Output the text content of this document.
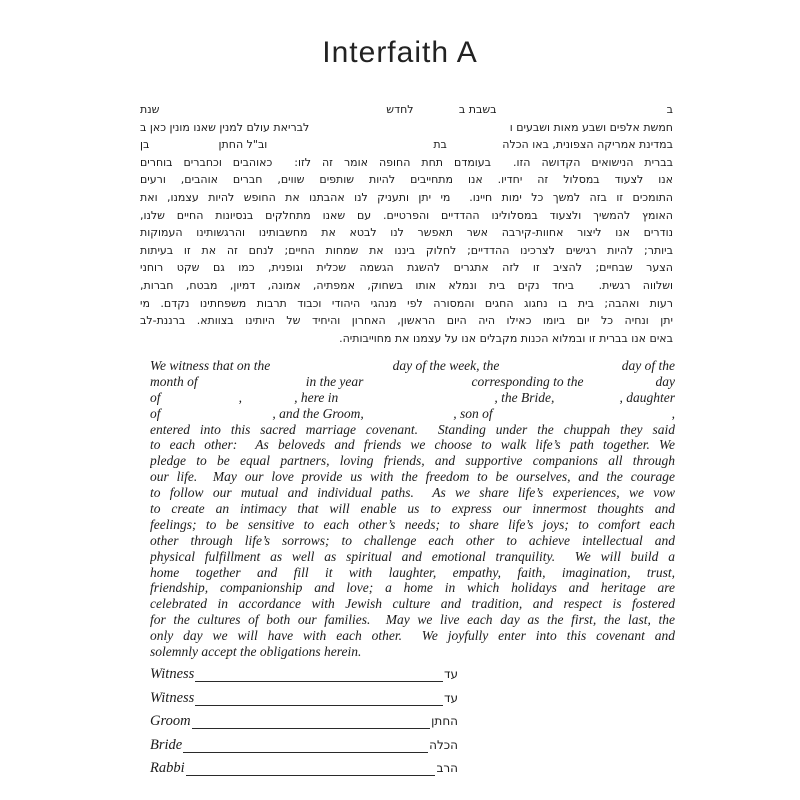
Interfaith A
ב
בשבת ב
לחדש
שנת
חמשת אלפים ושבע מאות ושבעים ו
לבריאת עולם למנין שאנו מונין כאן ב
במדינת אמריקה הצפונית, באו הכלה
בת
וב"ל החתן
בן
בברית הנישואים הקדושה הזו.  בעומדם תחת החופה אומר זה לזו:  כאוהבים וכחברים בוחרים
אנו לצעוד במסלול זה יחדיו. אנו מתחייבים להיות שותפים שווים, חברים אוהבים, ורעים
התומכים זו בזה למשך כל ימות חיינו.  מי יתן ותעניק לנו אהבתנו את החופש להיות עצמנו, ואת
האומץ להמשיך ולצעוד במסלולינו ההדדיים והפרטיים. עם שאנו מתחלקים בנסיונות החיים שלנו,
נודרים אנו ליצור אחוות-קירבה אשר תאפשר לנו לבטא את מחשבותינו והרגשותינו העמוקות
ביותר; להיות רגישים לצרכינו ההדדיים; לחלוק ביננו את שמחות החיים; לנחם זה את זו בעיתות
הצער שבחיים; להציב זו לזה אתגרים להשגת הגשמה שכלית וגופנית, כמו גם שקט רוחני
ושלווה רגשית.  ביחד נקים בית ונמלא אותו בשחוק, אמפתיה, אמונה, דמיון, מבטח, חברות,
רעות ואהבה; בית בו נחגוג החגים והמסורה לפי מנהגי היהודי וכבוד תרבות משפחתינו נקדם. מי
יתן ונחיה כל יום ביומו כאילו היה היום הראשון, האחרון והיחיד של היותינו בצוותא. ברננת-לב
באים אנו בברית זו ובמלוא הכנות מקבלים אנו על עצמנו את מחוייבותיה.
We witness that on the	day of the week, the	day of the
month of	in the year	corresponding to the	day
of	,	, here in	, the Bride,	, daughter
of	, and the Groom,	, son of	,
entered into this sacred marriage covenant.  Standing under the chuppah they said
to each other:  As beloveds and friends we choose to walk life’s path together. We
pledge to be equal partners, loving friends, and supportive companions all through
our life.  May our love provide us with the freedom to be ourselves, and the courage
to follow our mutual and individual paths.  As we share life’s experiences, we vow
to create an intimacy that will enable us to express our innermost thoughts and
feelings; to be sensitive to each other’s needs; to share life’s joys; to comfort each
other through life’s sorrows; to challenge each other to achieve intellectual and
physical fulfillment as well as spiritual and emotional tranquility.  We will build a
home together and fill it with laughter, empathy, faith, imagination, trust,
friendship, companionship and love; a home in which holidays and heritage are
celebrated in accordance with Jewish culture and tradition, and respect is fostered
for the cultures of both our families.  May we live each day as the first, the last, the
only day we will have with each other.  We joyfully enter into this covenant and
solemnly accept the obligations herein.
Witness	עד
Witness	עד
Groom	החתן
Bride	הכלה
Rabbi	הרב
